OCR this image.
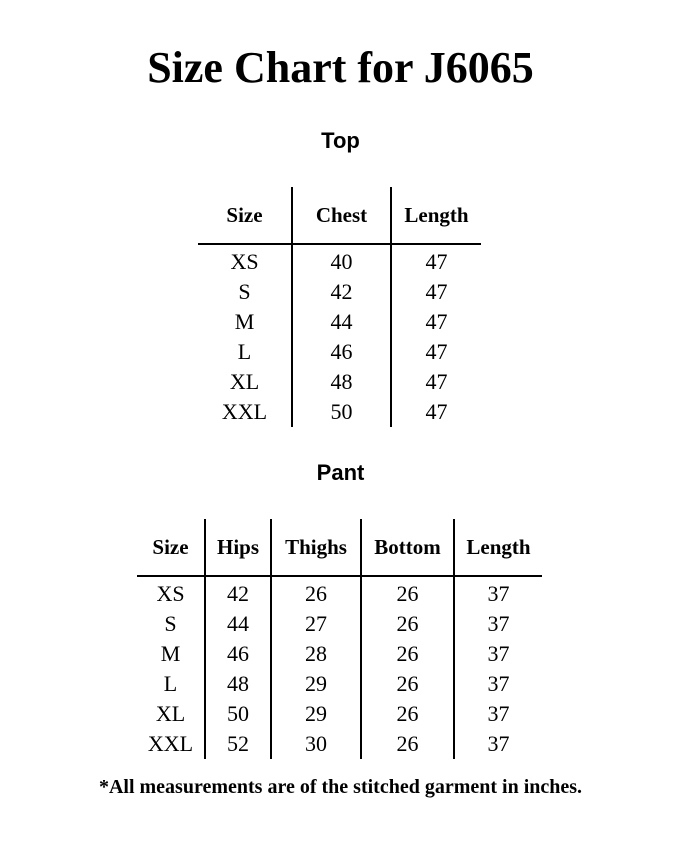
Size Chart for J6065
Top
Size	Chest	Length
XS	40	47
S	42	47
M	44	47
L	46	47
XL	48	47
XXL	50	47
Pant
Size	Hips	Thighs	Bottom	Length
XS	42	26	26	37
S	44	27	26	37
M	46	28	26	37
L	48	29	26	37
XL	50	29	26	37
XXL	52	30	26	37

*All measurements are of the stitched garment in inches.
